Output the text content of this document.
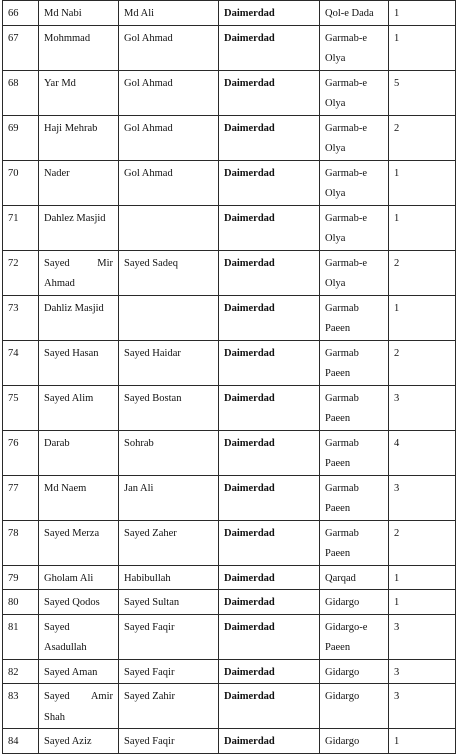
66	Md Nabi	Md Ali	Daimerdad	Qol-e Dada	1
67	Mohmmad	Gol Ahmad	Daimerdad	Garmab-e Olya	1
68	Yar Md	Gol Ahmad	Daimerdad	Garmab-e Olya	5
69	Haji Mehrab	Gol Ahmad	Daimerdad	Garmab-e Olya	2
70	Nader	Gol Ahmad	Daimerdad	Garmab-e Olya	1
71	Dahlez Masjid		Daimerdad	Garmab-e Olya	1
72	Sayed Mir Ahmad	Sayed Sadeq	Daimerdad	Garmab-e Olya	2
73	Dahliz Masjid		Daimerdad	Garmab Paeen	1
74	Sayed Hasan	Sayed Haidar	Daimerdad	Garmab Paeen	2
75	Sayed Alim	Sayed Bostan	Daimerdad	Garmab Paeen	3
76	Darab	Sohrab	Daimerdad	Garmab Paeen	4
77	Md Naem	Jan Ali	Daimerdad	Garmab Paeen	3
78	Sayed Merza	Sayed Zaher	Daimerdad	Garmab Paeen	2
79	Gholam Ali	Habibullah	Daimerdad	Qarqad	1
80	Sayed Qodos	Sayed Sultan	Daimerdad	Gidargo	1
81	Sayed Asadullah	Sayed Faqir	Daimerdad	Gidargo-e Paeen	3
82	Sayed Aman	Sayed Faqir	Daimerdad	Gidargo	3
83	Sayed Amir Shah	Sayed Zahir	Daimerdad	Gidargo	3
84	Sayed Aziz	Sayed Faqir	Daimerdad	Gidargo	1
